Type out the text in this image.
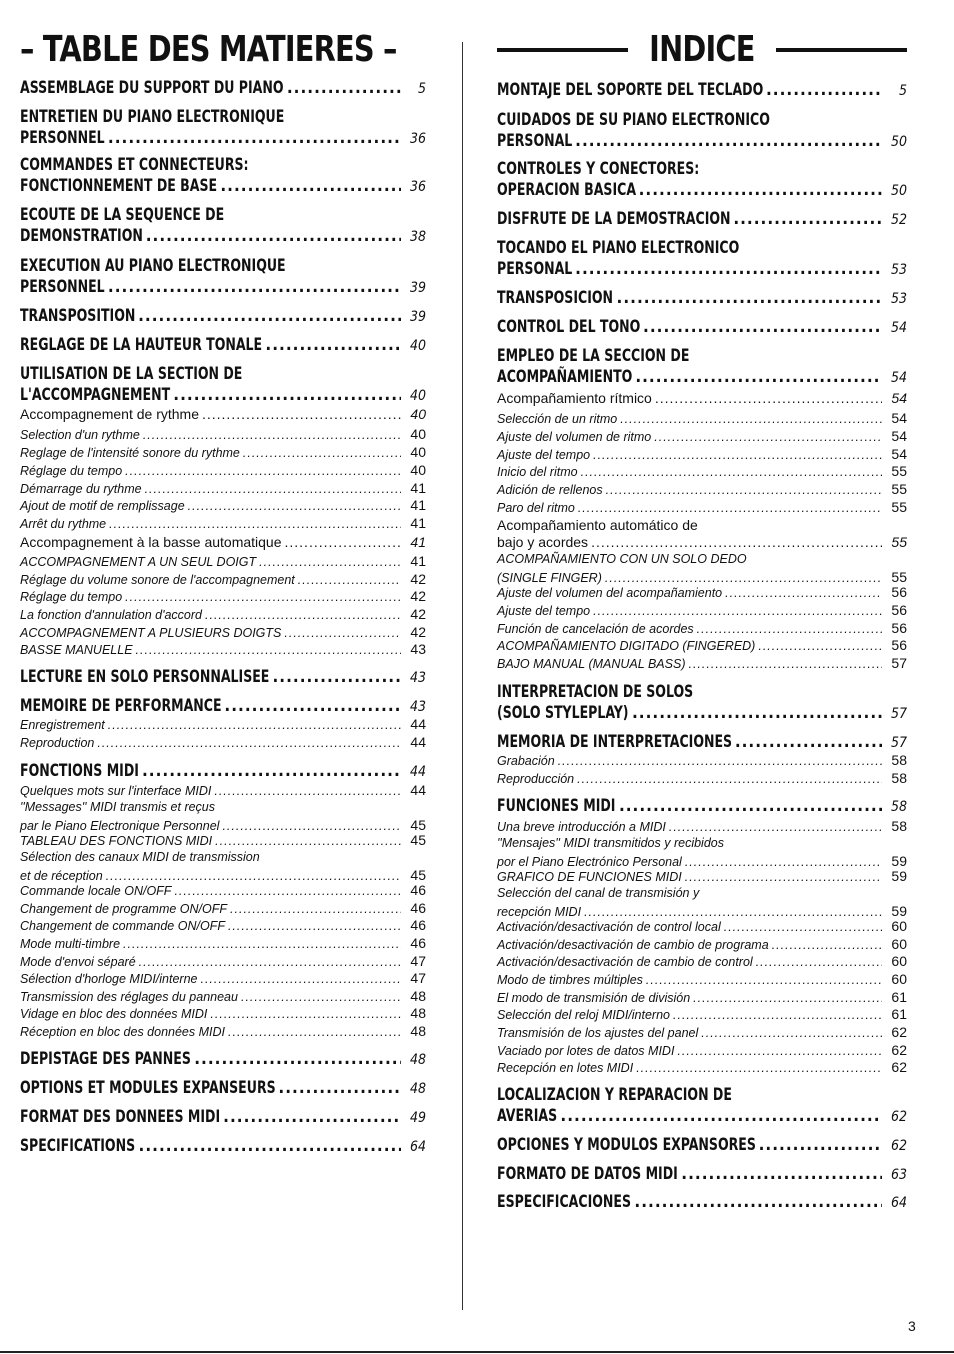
– TABLE DES MATIERES –
ASSEMBLAGE DU SUPPORT DU PIANO .....	5
ENTRETIEN DU PIANO ELECTRONIQUE
PERSONNEL .....	36
COMMANDES ET CONNECTEURS:
FONCTIONNEMENT DE BASE .....	36
ECOUTE DE LA SEQUENCE DE
DEMONSTRATION .....	38
EXECUTION AU PIANO ELECTRONIQUE
PERSONNEL .....	39
TRANSPOSITION .....	39
REGLAGE DE LA HAUTEUR TONALE .....	40
UTILISATION DE LA SECTION DE
L'ACCOMPAGNEMENT .....	40
Accompagnement de rythme .....	40
Selection d'un rythme .....	40
Reglage de l'intensité sonore du rythme .....	40
Réglage du tempo .....	40
Démarrage du rythme .....	41
Ajout de motif de remplissage .....	41
Arrêt du rythme .....	41
Accompagnement à la basse automatique .....	41
ACCOMPAGNEMENT A UN SEUL DOIGT .....	41
Réglage du volume sonore de l'accompagnement .....	42
Réglage du tempo .....	42
La fonction d'annulation d'accord .....	42
ACCOMPAGNEMENT A PLUSIEURS DOIGTS .....	42
BASSE MANUELLE .....	43
LECTURE EN SOLO PERSONNALISEE .....	43
MEMOIRE DE PERFORMANCE .....	43
Enregistrement .....	44
Reproduction .....	44
FONCTIONS MIDI .....	44
Quelques mots sur l'interface MIDI .....	44
''Messages'' MIDI transmis et reçus
par le Piano Electronique Personnel .....	45
TABLEAU DES FONCTIONS MIDI .....	45
Sélection des canaux MIDI de transmission
et de réception .....	45
Commande locale ON/OFF .....	46
Changement de programme ON/OFF .....	46
Changement de commande ON/OFF .....	46
Mode multi-timbre .....	46
Mode d'envoi séparé .....	47
Sélection d'horloge MIDI/interne .....	47
Transmission des réglages du panneau .....	48
Vidage en bloc des données MIDI .....	48
Réception en bloc des données MIDI .....	48
DEPISTAGE DES PANNES .....	48
OPTIONS ET MODULES EXPANSEURS .....	48
FORMAT DES DONNEES MIDI .....	49
SPECIFICATIONS .....	64
INDICE
MONTAJE DEL SOPORTE DEL TECLADO .....	5
CUIDADOS DE SU PIANO ELECTRONICO
PERSONAL .....	50
CONTROLES Y CONECTORES:
OPERACION BASICA .....	50
DISFRUTE DE LA DEMOSTRACION .....	52
TOCANDO EL PIANO ELECTRONICO
PERSONAL .....	53
TRANSPOSICION .....	53
CONTROL DEL TONO .....	54
EMPLEO DE LA SECCION DE
ACOMPAÑAMIENTO .....	54
Acompañamiento rítmico .....	54
Selección de un ritmo .....	54
Ajuste del volumen de ritmo .....	54
Ajuste del tempo .....	54
Inicio del ritmo .....	55
Adición de rellenos .....	55
Paro del ritmo .....	55
Acompañamiento automático de
bajo y acordes .....	55
ACOMPAÑAMIENTO CON UN SOLO DEDO
(SINGLE FINGER) .....	55
Ajuste del volumen del acompañamiento .....	56
Ajuste del tempo .....	56
Función de cancelación de acordes .....	56
ACOMPAÑAMIENTO DIGITADO (FINGERED) .....	56
BAJO MANUAL (MANUAL BASS) .....	57
INTERPRETACION DE SOLOS
(SOLO STYLEPLAY) .....	57
MEMORIA DE INTERPRETACIONES .....	57
Grabación .....	58
Reproducción .....	58
FUNCIONES MIDI .....	58
Una breve introducción a MIDI .....	58
''Mensajes'' MIDI transmitidos y recibidos
por el Piano Electrónico Personal .....	59
GRAFICO DE FUNCIONES MIDI .....	59
Selección del canal de transmisión y
recepción MIDI .....	59
Activación/desactivación de control local .....	60
Activación/desactivación de cambio de programa .....	60
Activación/desactivación de cambio de control .....	60
Modo de timbres múltiples .....	60
El modo de transmisión de división .....	61
Selección del reloj MIDI/interno .....	61
Transmisión de los ajustes del panel .....	62
Vaciado por lotes de datos MIDI .....	62
Recepción en lotes MIDI .....	62
LOCALIZACION Y REPARACION DE
AVERIAS .....	62
OPCIONES Y MODULOS EXPANSORES .....	62
FORMATO DE DATOS MIDI .....	63
ESPECIFICACIONES .....	64
3
